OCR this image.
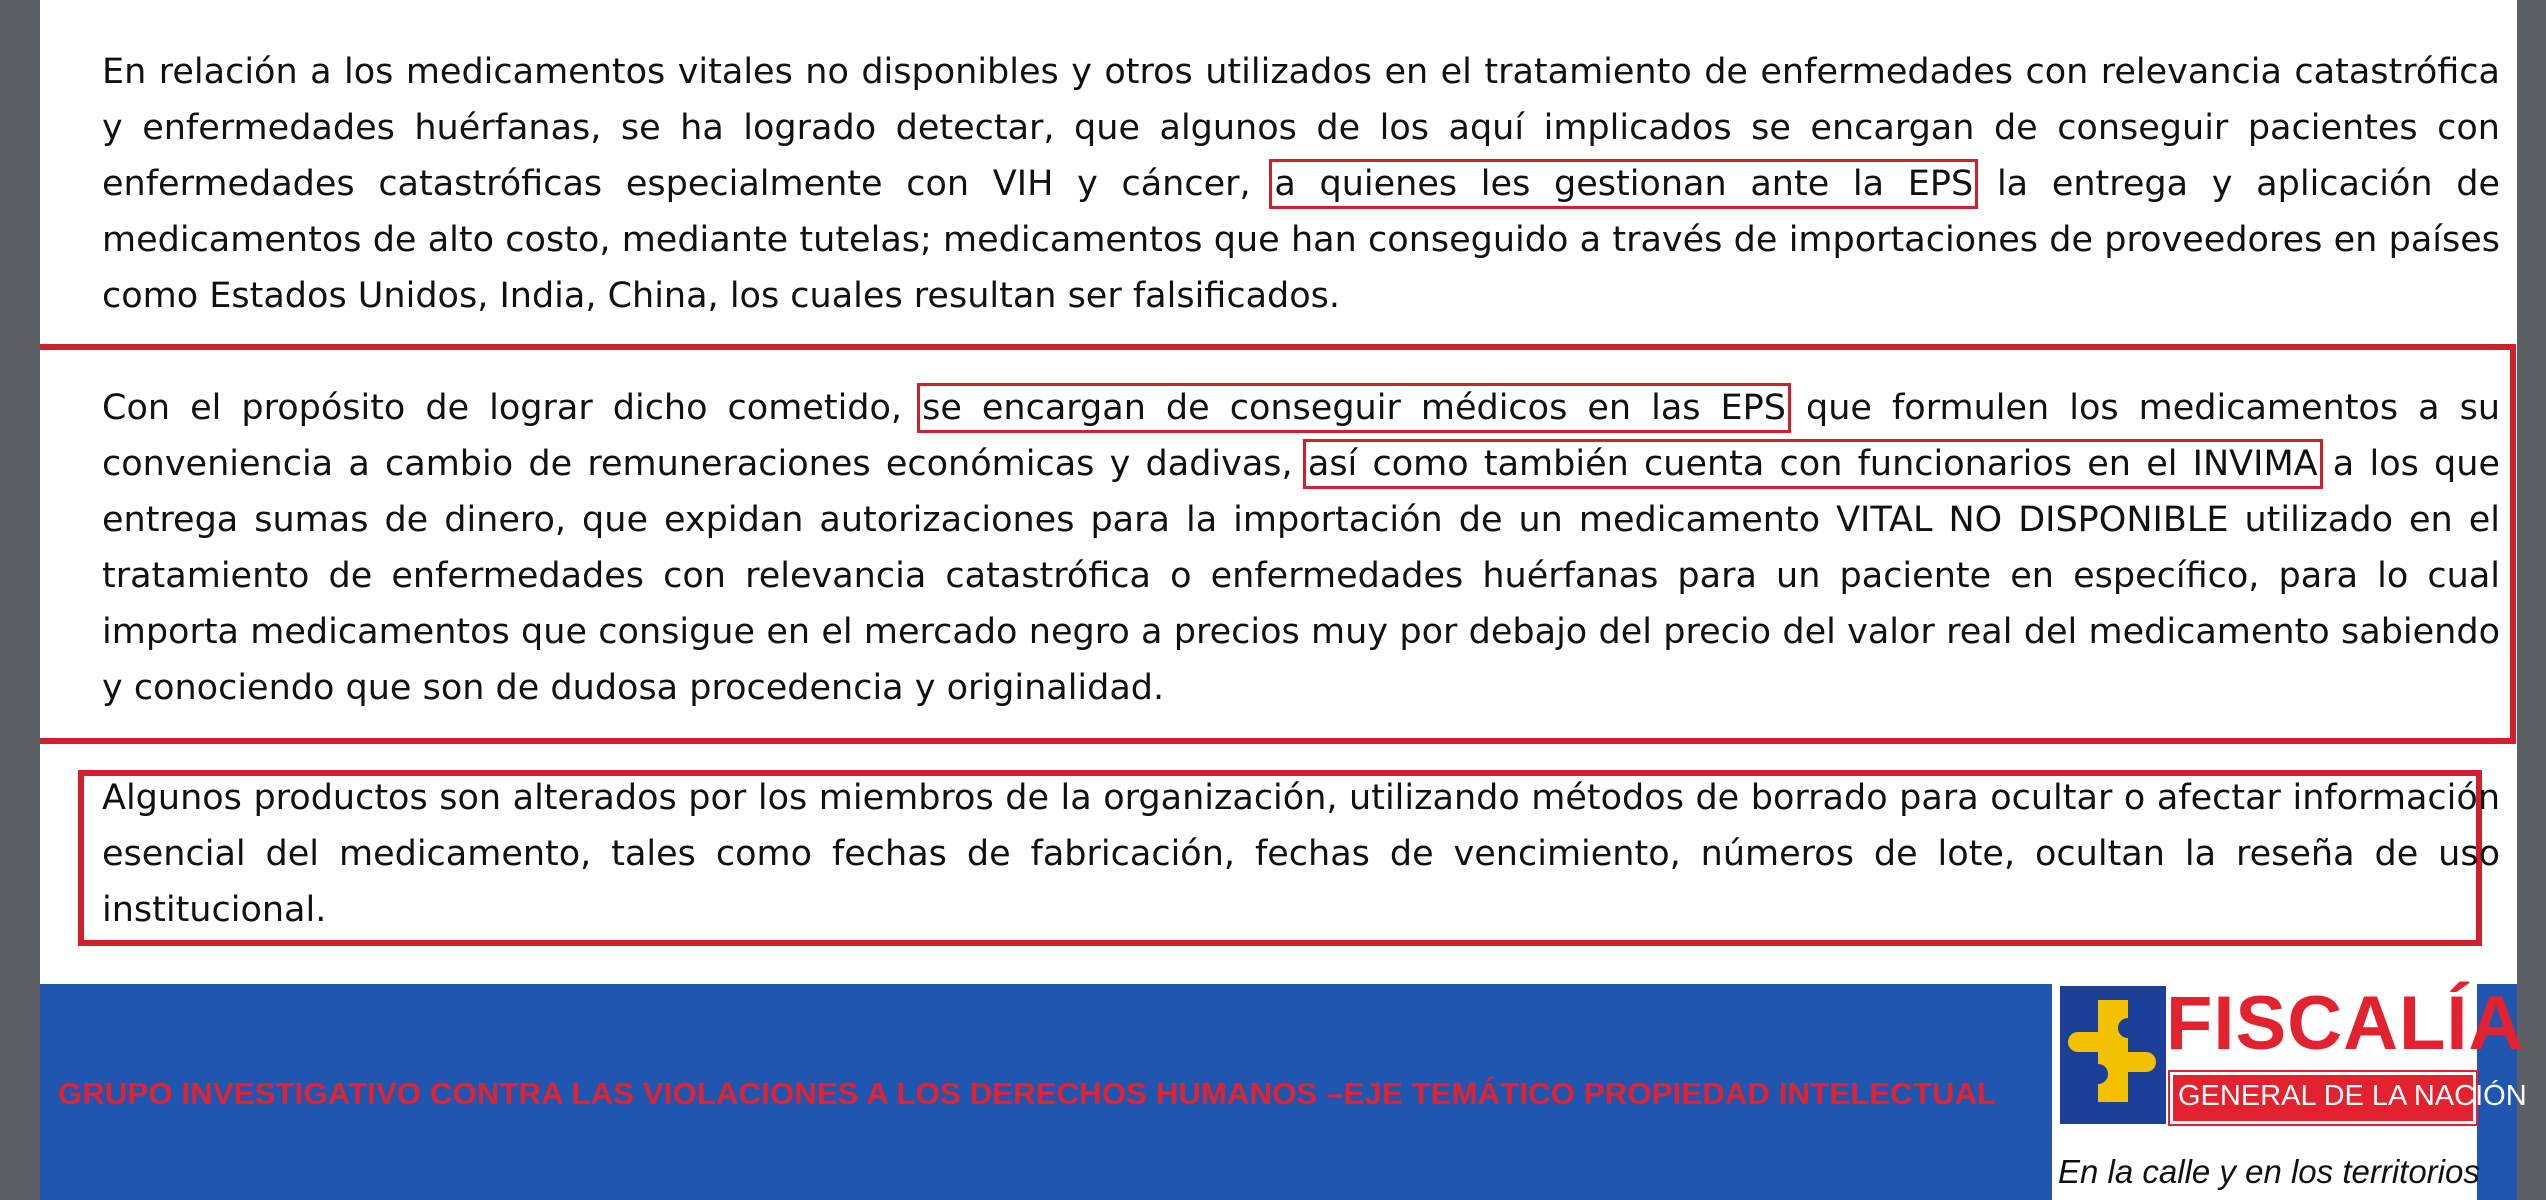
En relación a los medicamentos vitales no disponibles y otros utilizados en el tratamiento de enfermedades con relevancia catastrófica y enfermedades huérfanas, se ha logrado detectar, que algunos de los aquí implicados se encargan de conseguir pacientes con enfermedades catastróficas especialmente con VIH y cáncer, a quienes les gestionan ante la EPS la entrega y aplicación de medicamentos de alto costo, mediante tutelas; medicamentos que han conseguido a través de importaciones de proveedores en países como Estados Unidos, India, China, los cuales resultan ser falsificados.

Con el propósito de lograr dicho cometido, se encargan de conseguir médicos en las EPS que formulen los medicamentos a su conveniencia a cambio de remuneraciones económicas y dadivas, así como también cuenta con funcionarios en el INVIMA a los que entrega sumas de dinero, que expidan autorizaciones para la importación de un medicamento VITAL NO DISPONIBLE utilizado en el tratamiento de enfermedades con relevancia catastrófica o enfermedades huérfanas para un paciente en específico, para lo cual importa medicamentos que consigue en el mercado negro a precios muy por debajo del precio del valor real del medicamento sabiendo y conociendo que son de dudosa procedencia y originalidad.

Algunos productos son alterados por los miembros de la organización, utilizando métodos de borrado para ocultar o afectar información esencial del medicamento, tales como fechas de fabricación, fechas de vencimiento, números de lote, ocultan la reseña de uso institucional.

GRUPO INVESTIGATIVO CONTRA LAS VIOLACIONES A LOS DERECHOS HUMANOS –EJE TEMÁTICO PROPIEDAD INTELECTUAL
FISCALÍA
GENERAL DE LA NACIÓN
En la calle y en los territorios
